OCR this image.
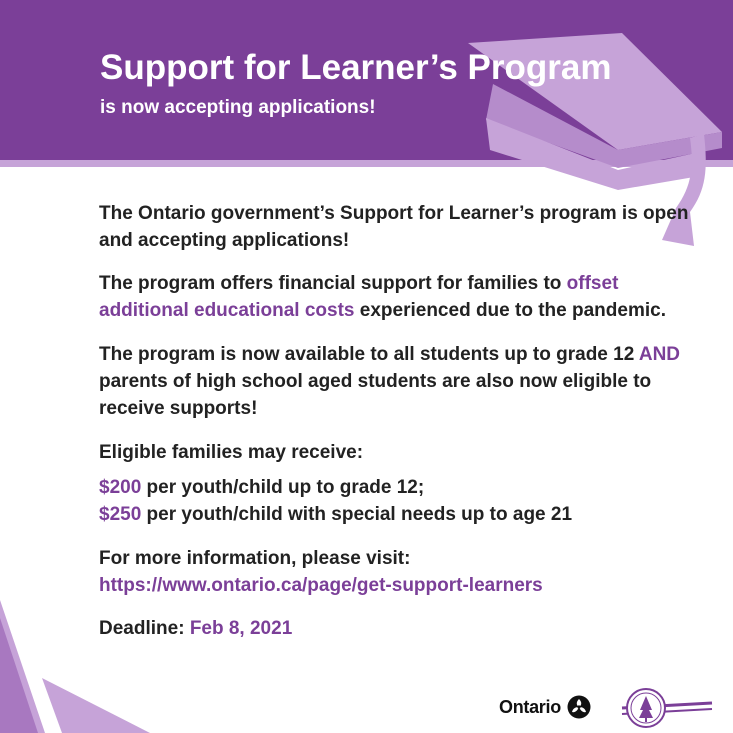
Support for Learner’s Program

is now accepting applications!

The Ontario government’s Support for Learner’s program is open and accepting applications!

The program offers financial support for families to offset additional educational costs experienced due to the pandemic.

The program is now available to all students up to grade 12 AND parents of high school aged students are also now eligible to receive supports!

Eligible families may receive:

$200 per youth/child up to grade 12;

$250 per youth/child with special needs up to age 21

For more information, please visit:

https://www.ontario.ca/page/get-support-learners

Deadline: Feb 8, 2021

Ontario
